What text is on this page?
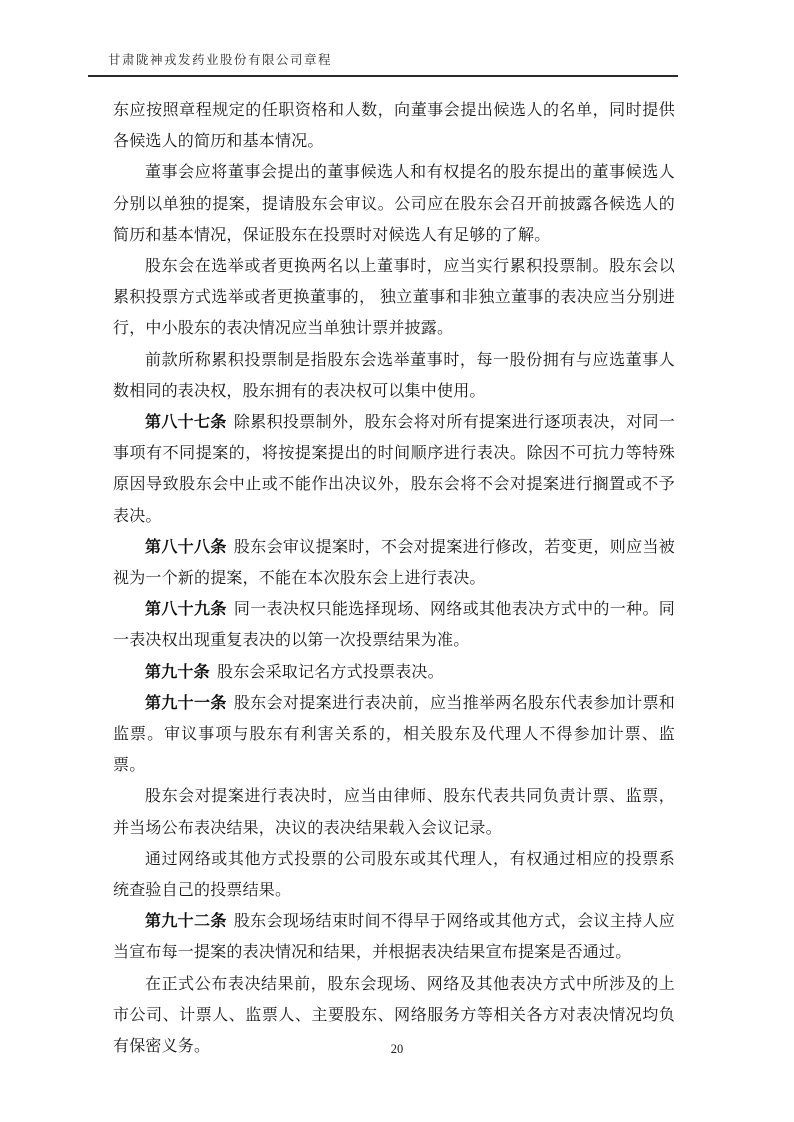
甘肃陇神戎发药业股份有限公司章程

东应按照章程规定的任职资格和人数，向董事会提出候选人的名单，同时提供各候选人的简历和基本情况。

董事会应将董事会提出的董事候选人和有权提名的股东提出的董事候选人分别以单独的提案，提请股东会审议。公司应在股东会召开前披露各候选人的简历和基本情况，保证股东在投票时对候选人有足够的了解。

股东会在选举或者更换两名以上董事时，应当实行累积投票制。股东会以累积投票方式选举或者更换董事的， 独立董事和非独立董事的表决应当分别进行，中小股东的表决情况应当单独计票并披露。

前款所称累积投票制是指股东会选举董事时，每一股份拥有与应选董事人数相同的表决权，股东拥有的表决权可以集中使用。

第八十七条 除累积投票制外，股东会将对所有提案进行逐项表决，对同一事项有不同提案的，将按提案提出的时间顺序进行表决。除因不可抗力等特殊原因导致股东会中止或不能作出决议外，股东会将不会对提案进行搁置或不予表决。

第八十八条 股东会审议提案时，不会对提案进行修改，若变更，则应当被视为一个新的提案，不能在本次股东会上进行表决。

第八十九条 同一表决权只能选择现场、网络或其他表决方式中的一种。同一表决权出现重复表决的以第一次投票结果为准。

第九十条 股东会采取记名方式投票表决。

第九十一条 股东会对提案进行表决前，应当推举两名股东代表参加计票和监票。审议事项与股东有利害关系的，相关股东及代理人不得参加计票、监票。

股东会对提案进行表决时，应当由律师、股东代表共同负责计票、监票，并当场公布表决结果，决议的表决结果载入会议记录。

通过网络或其他方式投票的公司股东或其代理人，有权通过相应的投票系统查验自己的投票结果。

第九十二条 股东会现场结束时间不得早于网络或其他方式，会议主持人应当宣布每一提案的表决情况和结果，并根据表决结果宣布提案是否通过。

在正式公布表决结果前，股东会现场、网络及其他表决方式中所涉及的上市公司、计票人、监票人、主要股东、网络服务方等相关各方对表决情况均负有保密义务。	20
